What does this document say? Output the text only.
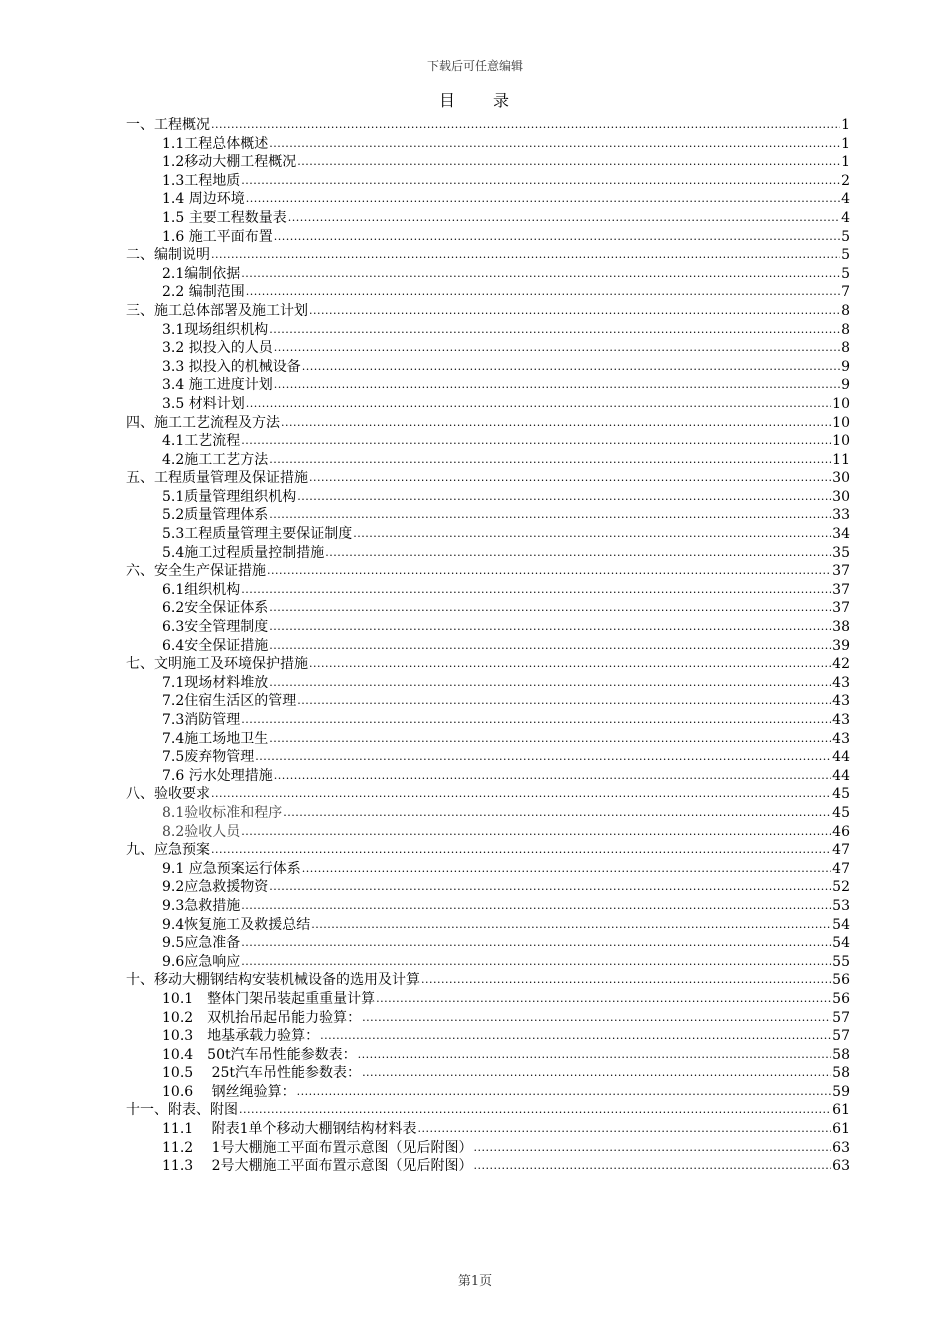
下载后可任意编辑
目　　录
一、工程概况 .....	1
1.1工程总体概述 .....	1
1.2移动大棚工程概况 .....	1
1.3工程地质 .....	2
1.4 周边环境 .....	4
1.5 主要工程数量表 .....	4
1.6 施工平面布置 .....	5
二、编制说明 .....	5
2.1编制依据 .....	5
2.2 编制范围 .....	7
三、施工总体部署及施工计划 .....	8
3.1现场组织机构 .....	8
3.2 拟投入的人员 .....	8
3.3 拟投入的机械设备 .....	9
3.4 施工进度计划 .....	9
3.5 材料计划 .....	10
四、施工工艺流程及方法 .....	10
4.1工艺流程 .....	10
4.2施工工艺方法 .....	11
五、工程质量管理及保证措施 .....	30
5.1质量管理组织机构 .....	30
5.2质量管理体系 .....	33
5.3工程质量管理主要保证制度 .....	34
5.4施工过程质量控制措施 .....	35
六、安全生产保证措施 .....	37
6.1组织机构 .....	37
6.2安全保证体系 .....	37
6.3安全管理制度 .....	38
6.4安全保证措施 .....	39
七、文明施工及环境保护措施 .....	42
7.1现场材料堆放 .....	43
7.2住宿生活区的管理 .....	43
7.3消防管理 .....	43
7.4施工场地卫生 .....	43
7.5废弃物管理 .....	44
7.6 污水处理措施 .....	44
八、验收要求 .....	45
8.1验收标准和程序 .....	45
8.2验收人员 .....	46
九、应急预案 .....	47
9.1 应急预案运行体系 .....	47
9.2应急救援物资 .....	52
9.3急救措施 .....	53
9.4恢复施工及救援总结 .....	54
9.5应急准备 .....	54
9.6应急响应 .....	55
十、移动大棚钢结构安装机械设备的选用及计算 .....	56
10.1　整体门架吊装起重重量计算 .....	56
10.2　双机抬吊起吊能力验算： .....	57
10.3　地基承载力验算： .....	57
10.4　50t汽车吊性能参数表： .....	58
10.5　 25t汽车吊性能参数表： .....	58
10.6　 钢丝绳验算： .....	59
十一、附表、附图 .....	61
11.1　 附表1单个移动大棚钢结构材料表 .....	61
11.2　 1号大棚施工平面布置示意图（见后附图） .....	63
11.3　 2号大棚施工平面布置示意图（见后附图） .....	63
第1页
